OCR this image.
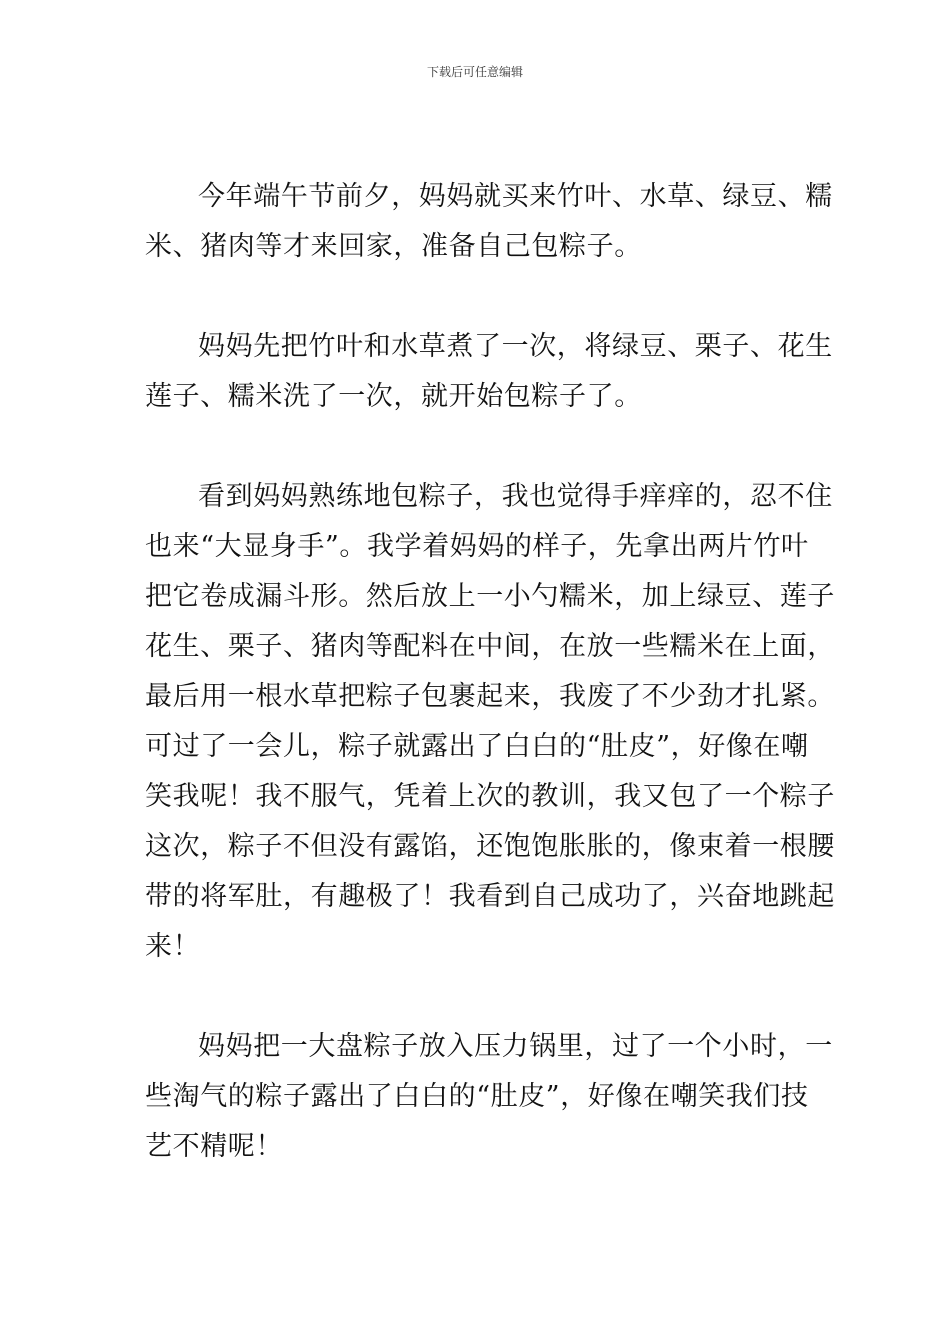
下载后可任意编辑
今年端午节前夕，妈妈就买来竹叶、水草、绿豆、糯
米、猪肉等才来回家，准备自己包粽子。
妈妈先把竹叶和水草煮了一次，将绿豆、栗子、花生
莲子、糯米洗了一次，就开始包粽子了。
看到妈妈熟练地包粽子，我也觉得手痒痒的，忍不住
也来“大显身手”。我学着妈妈的样子，先拿出两片竹叶
把它卷成漏斗形。然后放上一小勺糯米，加上绿豆、莲子
花生、栗子、猪肉等配料在中间，在放一些糯米在上面，
最后用一根水草把粽子包裹起来，我废了不少劲才扎紧。
可过了一会儿，粽子就露出了白白的“肚皮”，好像在嘲
笑我呢！我不服气，凭着上次的教训，我又包了一个粽子
这次，粽子不但没有露馅，还饱饱胀胀的，像束着一根腰
带的将军肚，有趣极了！我看到自己成功了，兴奋地跳起
来！
妈妈把一大盘粽子放入压力锅里，过了一个小时，一
些淘气的粽子露出了白白的“肚皮”，好像在嘲笑我们技
艺不精呢！
